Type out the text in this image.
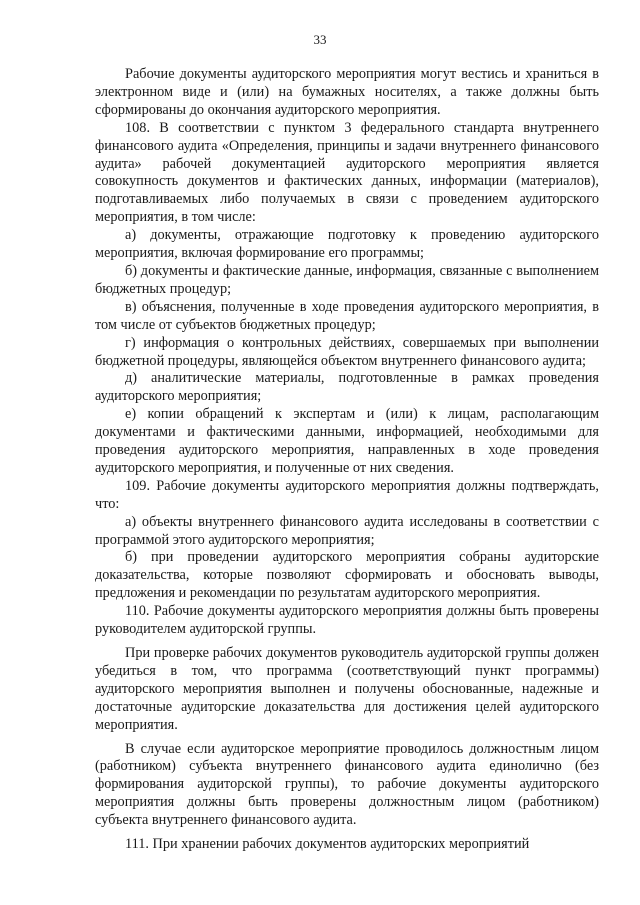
33

Рабочие документы аудиторского мероприятия могут вестись и храниться в электронном виде и (или) на бумажных носителях, а также должны быть сформированы до окончания аудиторского мероприятия.

108. В соответствии с пунктом 3 федерального стандарта внутреннего финансового аудита «Определения, принципы и задачи внутреннего финансового аудита» рабочей документацией аудиторского мероприятия является совокупность документов и фактических данных, информации (материалов), подготавливаемых либо получаемых в связи с проведением аудиторского мероприятия, в том числе:

а) документы, отражающие подготовку к проведению аудиторского мероприятия, включая формирование его программы;

б) документы и фактические данные, информация, связанные с выполнением бюджетных процедур;

в) объяснения, полученные в ходе проведения аудиторского мероприятия, в том числе от субъектов бюджетных процедур;

г) информация о контрольных действиях, совершаемых при выполнении бюджетной процедуры, являющейся объектом внутреннего финансового аудита;

д) аналитические материалы, подготовленные в рамках проведения аудиторского мероприятия;

е) копии обращений к экспертам и (или) к лицам, располагающим документами и фактическими данными, информацией, необходимыми для проведения аудиторского мероприятия, направленных в ходе проведения аудиторского мероприятия, и полученные от них сведения.

109. Рабочие документы аудиторского мероприятия должны подтверждать, что:

а) объекты внутреннего финансового аудита исследованы в соответствии с программой этого аудиторского мероприятия;

б) при проведении аудиторского мероприятия собраны аудиторские доказательства, которые позволяют сформировать и обосновать выводы, предложения и рекомендации по результатам аудиторского мероприятия.

110. Рабочие документы аудиторского мероприятия должны быть проверены руководителем аудиторской группы.

При проверке рабочих документов руководитель аудиторской группы должен убедиться в том, что программа (соответствующий пункт программы) аудиторского мероприятия выполнен и получены обоснованные, надежные и достаточные аудиторские доказательства для достижения целей аудиторского мероприятия.

В случае если аудиторское мероприятие проводилось должностным лицом (работником) субъекта внутреннего финансового аудита единолично (без формирования аудиторской группы), то рабочие документы аудиторского мероприятия должны быть проверены должностным лицом (работником) субъекта внутреннего финансового аудита.

111. При хранении рабочих документов аудиторских мероприятий
